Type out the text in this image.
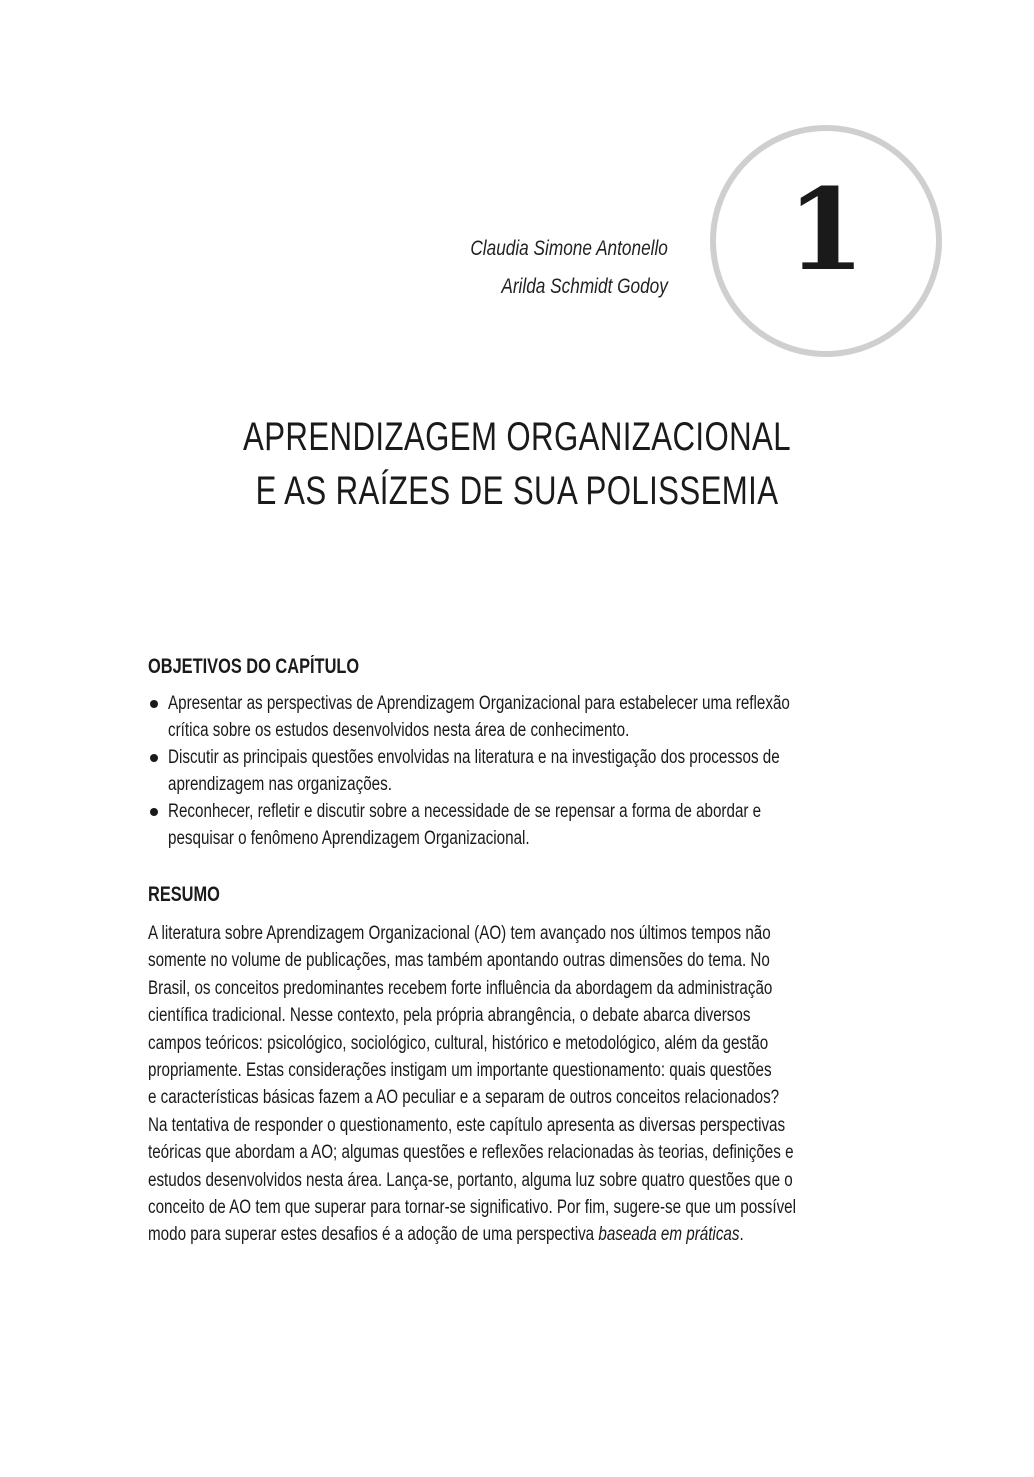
Claudia Simone Antonello
Arilda Schmidt Godoy	1
APRENDIZAGEM ORGANIZACIONAL
E AS RAÍZES DE SUA POLISSEMIA
OBJETIVOS DO CAPÍTULO
Apresentar as perspectivas de Aprendizagem Organizacional para estabelecer uma reflexão
crítica sobre os estudos desenvolvidos nesta área de conhecimento.
Discutir as principais questões envolvidas na literatura e na investigação dos processos de
aprendizagem nas organizações.
Reconhecer, refletir e discutir sobre a necessidade de se repensar a forma de abordar e
pesquisar o fenômeno Aprendizagem Organizacional.
RESUMO
A literatura sobre Aprendizagem Organizacional (AO) tem avançado nos últimos tempos não
somente no volume de publicações, mas também apontando outras dimensões do tema. No
Brasil, os conceitos predominantes recebem forte influência da abordagem da administração
científica tradicional. Nesse contexto, pela própria abrangência, o debate abarca diversos
campos teóricos: psicológico, sociológico, cultural, histórico e metodológico, além da gestão
propriamente. Estas considerações instigam um importante questionamento: quais questões
e características básicas fazem a AO peculiar e a separam de outros conceitos relacionados?
Na tentativa de responder o questionamento, este capítulo apresenta as diversas perspectivas
teóricas que abordam a AO; algumas questões e reflexões relacionadas às teorias, definições e
estudos desenvolvidos nesta área. Lança-se, portanto, alguma luz sobre quatro questões que o
conceito de AO tem que superar para tornar-se significativo. Por fim, sugere-se que um possível
modo para superar estes desafios é a adoção de uma perspectiva baseada em práticas.
